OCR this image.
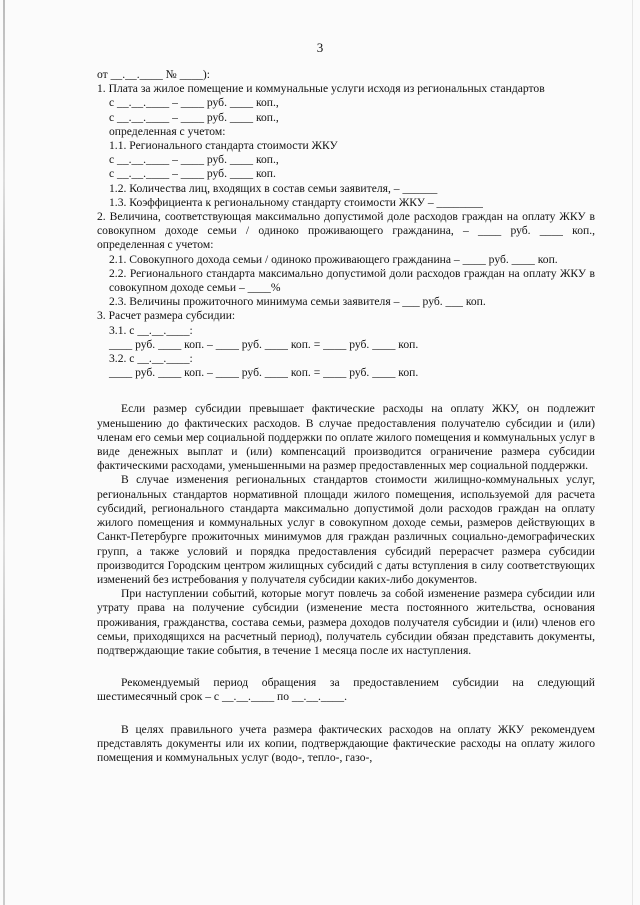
3

от __.__.____ № ____):

1. Плата за жилое помещение и коммунальные услуги исходя из региональных стандартов

с __.__.____ – ____ руб. ____ коп.,

с __.__.____ – ____ руб. ____ коп.,

определенная с учетом:

1.1. Регионального стандарта стоимости ЖКУ

с __.__.____ – ____ руб. ____ коп.,

с __.__.____ – ____ руб. ____ коп.

1.2. Количества лиц, входящих в состав семьи заявителя, – ______

1.3. Коэффициента к региональному стандарту стоимости ЖКУ – ________

2. Величина, соответствующая максимально допустимой доле расходов граждан на оплату ЖКУ в совокупном доходе семьи / одиноко проживающего гражданина, – ____ руб. ____ коп., определенная с учетом:

2.1. Совокупного дохода семьи / одиноко проживающего гражданина – ____ руб. ____ коп.

2.2. Регионального стандарта максимально допустимой доли расходов граждан на оплату ЖКУ в совокупном доходе семьи – ____%

2.3. Величины прожиточного минимума семьи заявителя – ___ руб. ___ коп.

3. Расчет размера субсидии:

3.1. с __.__.____:

____ руб. ____ коп. – ____ руб. ____ коп. = ____ руб. ____ коп.

3.2. с __.__.____:

____ руб. ____ коп. – ____ руб. ____ коп. = ____ руб. ____ коп.

Если размер субсидии превышает фактические расходы на оплату ЖКУ, он подлежит уменьшению до фактических расходов. В случае предоставления получателю субсидии и (или) членам его семьи мер социальной поддержки по оплате жилого помещения и коммунальных услуг в виде денежных выплат и (или) компенсаций производится ограничение размера субсидии фактическими расходами, уменьшенными на размер предоставленных мер социальной поддержки.

В случае изменения региональных стандартов стоимости жилищно-коммунальных услуг, региональных стандартов нормативной площади жилого помещения, используемой для расчета субсидий, регионального стандарта максимально допустимой доли расходов граждан на оплату жилого помещения и коммунальных услуг в совокупном доходе семьи, размеров действующих в Санкт-Петербурге прожиточных минимумов для граждан различных социально-демографических групп, а также условий и порядка предоставления субсидий перерасчет размера субсидии производится Городским центром жилищных субсидий с даты вступления в силу соответствующих изменений без истребования у получателя субсидии каких-либо документов.

При наступлении событий, которые могут повлечь за собой изменение размера субсидии или утрату права на получение субсидии (изменение места постоянного жительства, основания проживания, гражданства, состава семьи, размера доходов получателя субсидии и (или) членов его семьи, приходящихся на расчетный период), получатель субсидии обязан представить документы, подтверждающие такие события, в течение 1 месяца после их наступления.

Рекомендуемый период обращения за предоставлением субсидии на следующий шестимесячный срок – с __.__.____ по __.__.____.

В целях правильного учета размера фактических расходов на оплату ЖКУ рекомендуем представлять документы или их копии, подтверждающие фактические расходы на оплату жилого помещения и коммунальных услуг (водо-, тепло-, газо-,
